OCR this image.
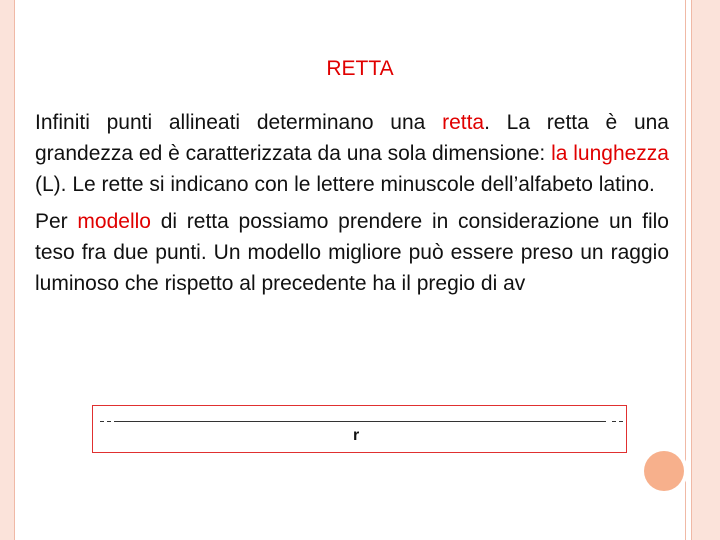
RETTA

Infiniti punti allineati determinano una retta. La retta è una grandezza ed è caratterizzata da una sola dimensione: la lunghezza (L). Le rette si indicano con le lettere minuscole dell’alfabeto latino.

Per modello di retta possiamo prendere in considerazione un filo teso fra due punti. Un modello migliore può essere preso un raggio luminoso che rispetto al precedente ha il pregio di av

r
